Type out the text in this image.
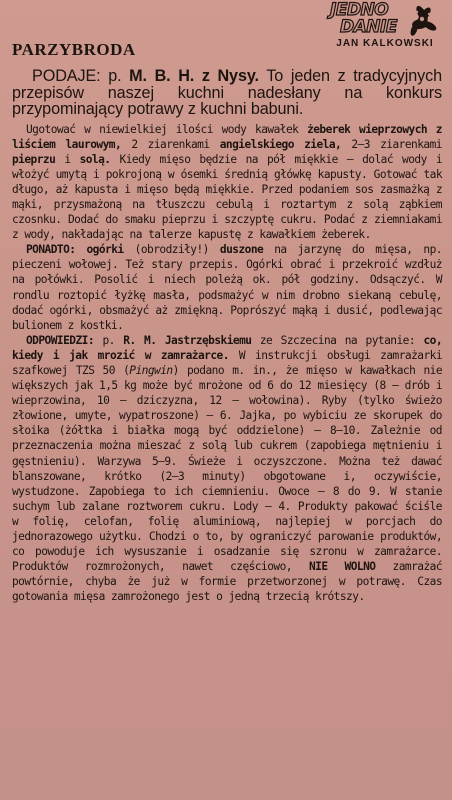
JEDNO
DANIE
JAN KALKOWSKI
PARZYBRODA

PODAJE: p. M. B. H. z Nysy. To jeden z tradycyjnych przepisów naszej kuchni nadesłany na konkurs przypominający potrawy z kuchni babuni.

Ugotować w niewielkiej ilości wody kawałek żeberek wieprzowych z liściem laurowym, 2 ziarenkami angielskiego ziela, 2—3 ziarenkami pieprzu i solą. Kiedy mięso będzie na pół miękkie — dolać wody i włożyć umytą i pokrojoną w ósemki średnią główkę kapusty. Gotować tak długo, aż kapusta i mięso będą miękkie. Przed podaniem sos zasmażką z mąki, przysmażoną na tłuszczu cebulą i roztartym z solą ząbkiem czosnku. Dodać do smaku pieprzu i szczyptę cukru. Podać z ziemniakami z wody, nakładając na talerze kapustę z kawałkiem żeberek.

PONADTO: ogórki (obrodziły!) duszone na jarzynę do mięsa, np. pieczeni wołowej. Też stary przepis. Ogórki obrać i przekroić wzdłuż na połówki. Posolić i niech poleżą ok. pół godziny. Odsączyć. W rondlu roztopić łyżkę masła, podsmażyć w nim drobno siekaną cebulę, dodać ogórki, obsmażyć aż zmiękną. Poprószyć mąką i dusić, podlewając bulionem z kostki.

ODPOWIEDZI: p. R. M. Jastrzębskiemu ze Szczecina na pytanie: co, kiedy i jak mrozić w zamrażarce. W instrukcji obsługi zamrażarki szafkowej TZS 50 (Pingwin) podano m. in., że mięso w kawałkach nie większych jak 1,5 kg może być mrożone od 6 do 12 miesięcy (8 — drób i wieprzowina, 10 — dziczyzna, 12 — wołowina). Ryby (tylko świeżo złowione, umyte, wypatroszone) — 6. Jajka, po wybiciu ze skorupek do słoika (żółtka i białka mogą być oddzielone) — 8—10. Zależnie od przeznaczenia można mieszać z solą lub cukrem (zapobiega mętnieniu i gęstnieniu). Warzywa 5—9. Świeże i oczyszczone. Można też dawać blanszowane, krótko (2—3 minuty) obgotowane i, oczywiście, wystudzone. Zapobiega to ich ciemnieniu. Owoce — 8 do 9. W stanie suchym lub zalane roztworem cukru. Lody — 4. Produkty pakować ściśle w folię, celofan, folię aluminiową, najlepiej w porcjach do jednorazowego użytku. Chodzi o to, by ograniczyć parowanie produktów, co powoduje ich wysuszanie i osadzanie się szronu w zamrażarce. Produktów rozmrożonych, nawet częściowo, NIE WOLNO zamrażać powtórnie, chyba że już w formie przetworzonej w potrawę. Czas gotowania mięsa zamrożonego jest o jedną trzecią krótszy.
